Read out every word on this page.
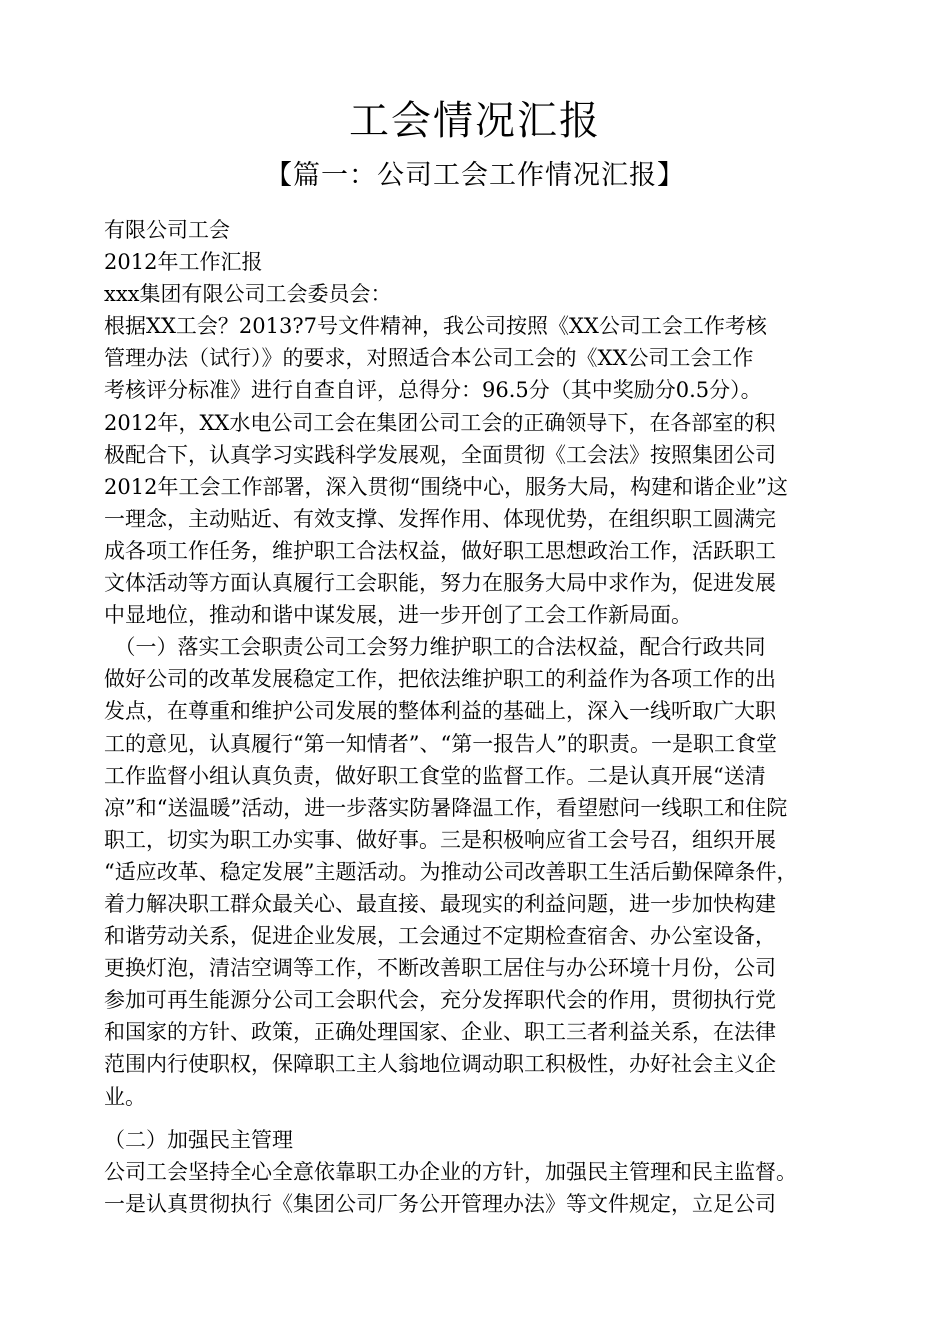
工会情况汇报
【篇一：公司工会工作情况汇报】
有限公司工会
2012年工作汇报
xxx集团有限公司工会委员会：
根据XX工会？2013?7号文件精神，我公司按照《XX公司工会工作考核
管理办法（试行）》的要求，对照适合本公司工会的《XX公司工会工作
考核评分标准》进行自查自评，总得分：96.5分（其中奖励分0.5分）。
2012年，XX水电公司工会在集团公司工会的正确领导下，在各部室的积
极配合下，认真学习实践科学发展观，全面贯彻《工会法》按照集团公司
2012年工会工作部署，深入贯彻“围绕中心，服务大局，构建和谐企业”这
一理念，主动贴近、有效支撑、发挥作用、体现优势，在组织职工圆满完
成各项工作任务，维护职工合法权益，做好职工思想政治工作，活跃职工
文体活动等方面认真履行工会职能，努力在服务大局中求作为，促进发展
中显地位，推动和谐中谋发展，进一步开创了工会工作新局面。
　（一）落实工会职责公司工会努力维护职工的合法权益，配合行政共同
做好公司的改革发展稳定工作，把依法维护职工的利益作为各项工作的出
发点，在尊重和维护公司发展的整体利益的基础上，深入一线听取广大职
工的意见，认真履行“第一知情者”、“第一报告人”的职责。一是职工食堂
工作监督小组认真负责，做好职工食堂的监督工作。二是认真开展“送清
凉”和“送温暖”活动，进一步落实防暑降温工作，看望慰问一线职工和住院
职工，切实为职工办实事、做好事。三是积极响应省工会号召，组织开展
“适应改革、稳定发展”主题活动。为推动公司改善职工生活后勤保障条件，
着力解决职工群众最关心、最直接、最现实的利益问题，进一步加快构建
和谐劳动关系，促进企业发展，工会通过不定期检查宿舍、办公室设备，
更换灯泡，清洁空调等工作，不断改善职工居住与办公环境十月份，公司
参加可再生能源分公司工会职代会，充分发挥职代会的作用，贯彻执行党
和国家的方针、政策，正确处理国家、企业、职工三者利益关系，在法律
范围内行使职权，保障职工主人翁地位调动职工积极性，办好社会主义企
业。
（二）加强民主管理
公司工会坚持全心全意依靠职工办企业的方针，加强民主管理和民主监督。
一是认真贯彻执行《集团公司厂务公开管理办法》等文件规定，立足公司
